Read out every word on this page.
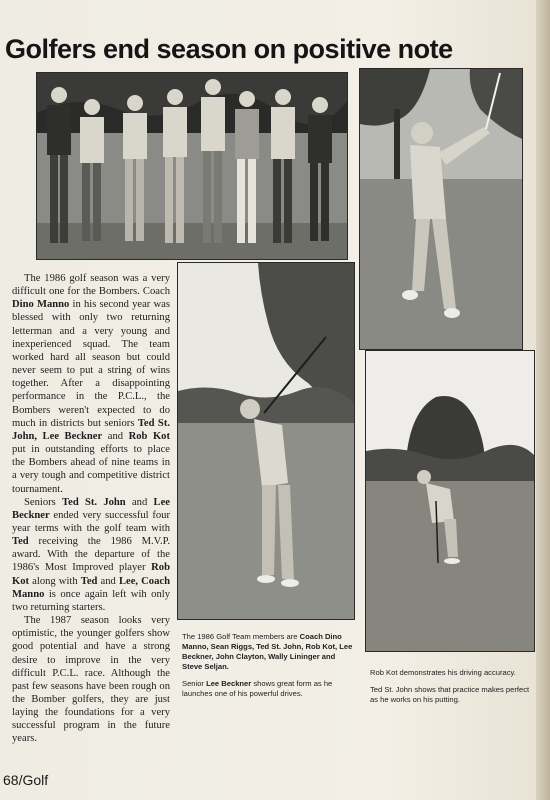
Golfers end season on positive note

The 1986 golf season was a very difficult one for the Bombers. Coach Dino Manno in his second year was blessed with only two returning letterman and a very young and inexperienced squad. The team worked hard all season but could never seem to put a string of wins together. After a disappointing performance in the P.C.L., the Bombers weren't expected to do much in districts but seniors Ted St. John, Lee Beckner and Rob Kot put in outstanding efforts to place the Bombers ahead of nine teams in a very tough and competitive district tournament.

Seniors Ted St. John and Lee Beckner ended very successful four year terms with the golf team with Ted receiving the 1986 M.V.P. award. With the departure of the 1986's Most Improved player Rob Kot along with Ted and Lee, Coach Manno is once again left wih only two returning starters.

The 1987 season looks very optimistic, the younger golfers show good potential and have a strong desire to improve in the very difficult P.C.L. race. Although the past few seasons have been rough on the Bomber golfers, they are just laying the foundations for a very successful program in the future years.

The 1986 Golf Team members are Coach Dino Manno, Sean Riggs, Ted St. John, Rob Kot, Lee Beckner, John Clayton, Wally Lininger and Steve Seljan.

Senior Lee Beckner shows great form as he launches one of his powerful drives.

Rob Kot demonstrates his driving accuracy.

Ted St. John shows that practice makes perfect as he works on his putting.

68/Golf
